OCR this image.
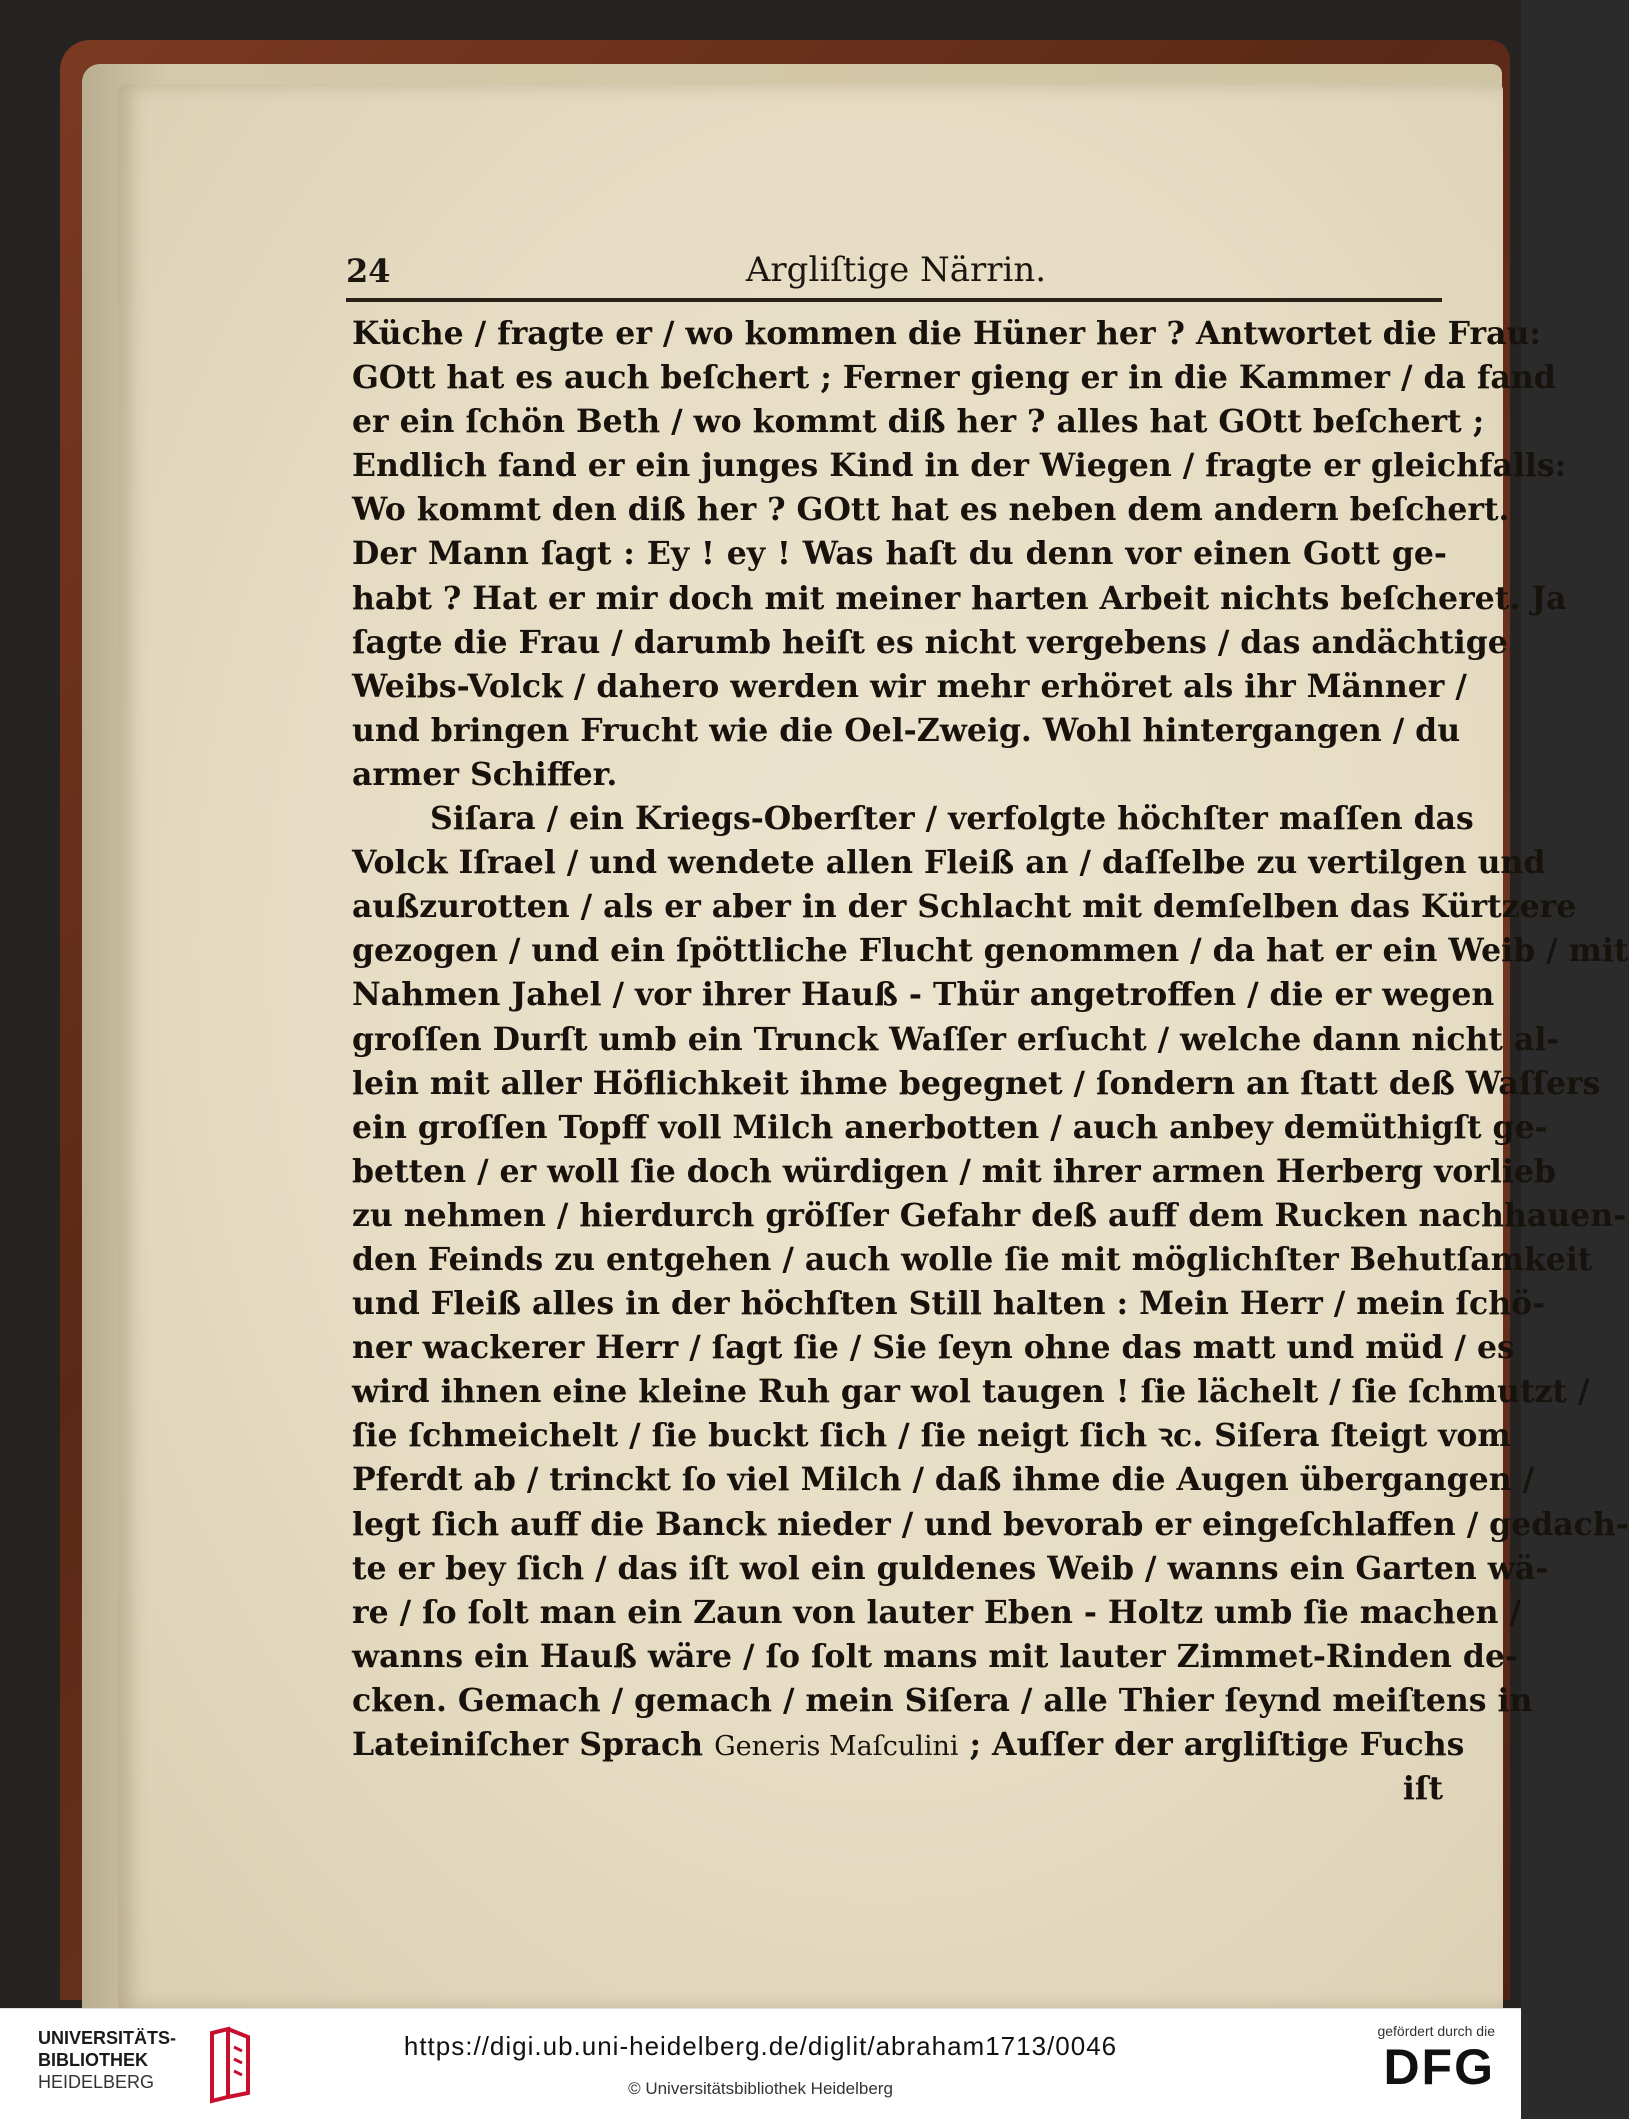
24	Argliſtige Närrin.
Küche / fragte er / wo kommen die Hüner her ? Antwortet die Frau:
GOtt hat es auch beſchert ; Ferner gieng er in die Kammer / da fand
er ein ſchön Beth / wo kommt diß her ? alles hat GOtt beſchert ;
Endlich fand er ein junges Kind in der Wiegen / fragte er gleichfalls:
Wo kommt den diß her ? GOtt hat es neben dem andern beſchert.
Der Mann ſagt : Ey ! ey ! Was haſt du denn vor einen Gott ge-
habt ? Hat er mir doch mit meiner harten Arbeit nichts beſcheret. Ja
ſagte die Frau / darumb heiſt es nicht vergebens / das andächtige
Weibs-Volck / dahero werden wir mehr erhöret als ihr Männer /
und bringen Frucht wie die Oel-Zweig. Wohl hintergangen / du
armer Schiffer.
Siſara / ein Kriegs-Oberſter / verfolgte höchſter maſſen das
Volck Iſrael / und wendete allen Fleiß an / daſſelbe zu vertilgen und
außzurotten / als er aber in der Schlacht mit demſelben das Kürtzere
gezogen / und ein ſpöttliche Flucht genommen / da hat er ein Weib / mit
Nahmen Jahel / vor ihrer Hauß - Thür angetroffen / die er wegen
groſſen Durſt umb ein Trunck Waſſer erſucht / welche dann nicht al-
lein mit aller Höflichkeit ihme begegnet / ſondern an ſtatt deß Waſſers
ein groſſen Topff voll Milch anerbotten / auch anbey demüthigſt ge-
betten / er woll ſie doch würdigen / mit ihrer armen Herberg vorlieb
zu nehmen / hierdurch gröſſer Gefahr deß auff dem Rucken nachhauen-
den Feinds zu entgehen / auch wolle ſie mit möglichſter Behutſamkeit
und Fleiß alles in der höchſten Still halten : Mein Herr / mein ſchö-
ner wackerer Herr / ſagt ſie / Sie ſeyn ohne das matt und müd / es
wird ihnen eine kleine Ruh gar wol taugen ! ſie lächelt / ſie ſchmutzt /
ſie ſchmeichelt / ſie buckt ſich / ſie neigt ſich ꝛc. Siſera ſteigt vom
Pferdt ab / trinckt ſo viel Milch / daß ihme die Augen übergangen /
legt ſich auff die Banck nieder / und bevorab er eingeſchlaffen / gedach-
te er bey ſich / das iſt wol ein guldenes Weib / wanns ein Garten wä-
re / ſo ſolt man ein Zaun von lauter Eben - Holtz umb ſie machen /
wanns ein Hauß wäre / ſo ſolt mans mit lauter Zimmet-Rinden de-
cken. Gemach / gemach / mein Siſera / alle Thier ſeynd meiſtens in
Lateiniſcher Sprach Generis Maſculini ; Auſſer der argliſtige Fuchs
iſt
UNIVERSITÄTS-
BIBLIOTHEK
HEIDELBERG
https://digi.ub.uni-heidelberg.de/diglit/abraham1713/0046
© Universitätsbibliothek Heidelberg
gefördert durch die
DFG
